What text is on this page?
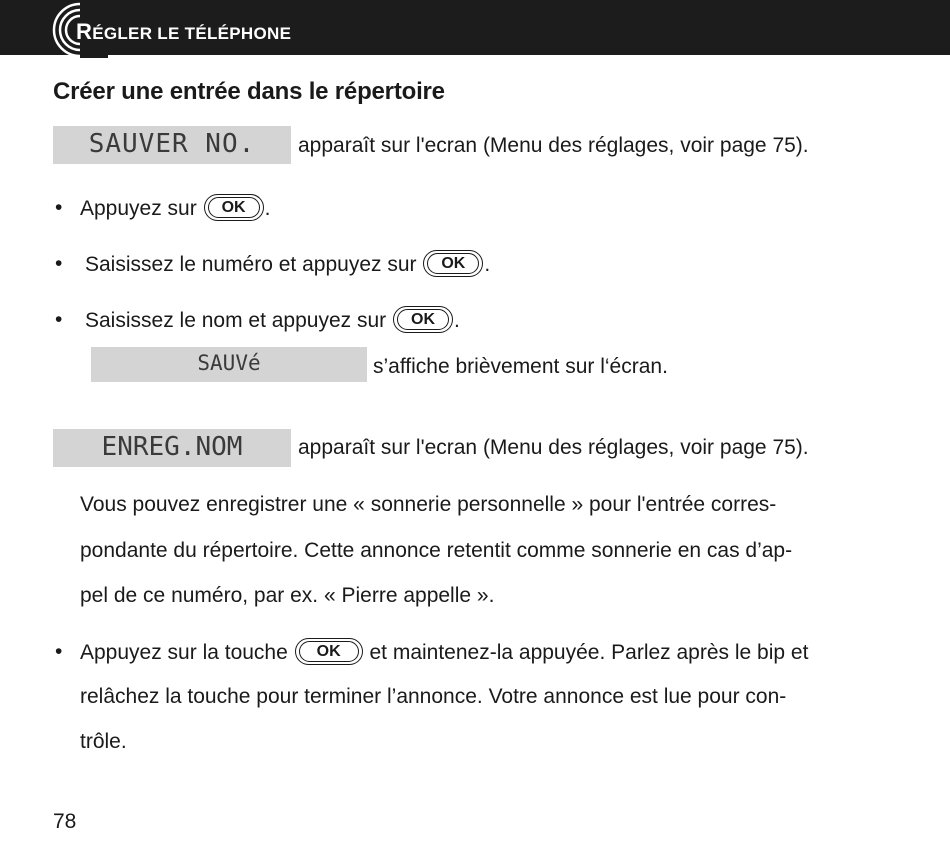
RÉGLER LE TÉLÉPHONE
Créer une entrée dans le répertoire
SAUVER NO.	apparaît sur l'ecran (Menu des réglages, voir page 75).
• Appuyez sur	OK .
• Saisissez le numéro et appuyez sur	OK .
• Saisissez le nom et appuyez sur	OK .
SAUVé	s’affiche brièvement sur l‘écran.
ENREG.NOM	apparaît sur l'ecran (Menu des réglages, voir page 75).
Vous pouvez enregistrer une « sonnerie personnelle » pour l'entrée corres-
pondante du répertoire. Cette annonce retentit comme sonnerie en cas d’ap-
pel de ce numéro, par ex. « Pierre appelle ».
• Appuyez sur la touche	OK	et maintenez-la appuyée. Parlez après le bip et
relâchez la touche pour terminer l’annonce. Votre annonce est lue pour con-
trôle.
78
